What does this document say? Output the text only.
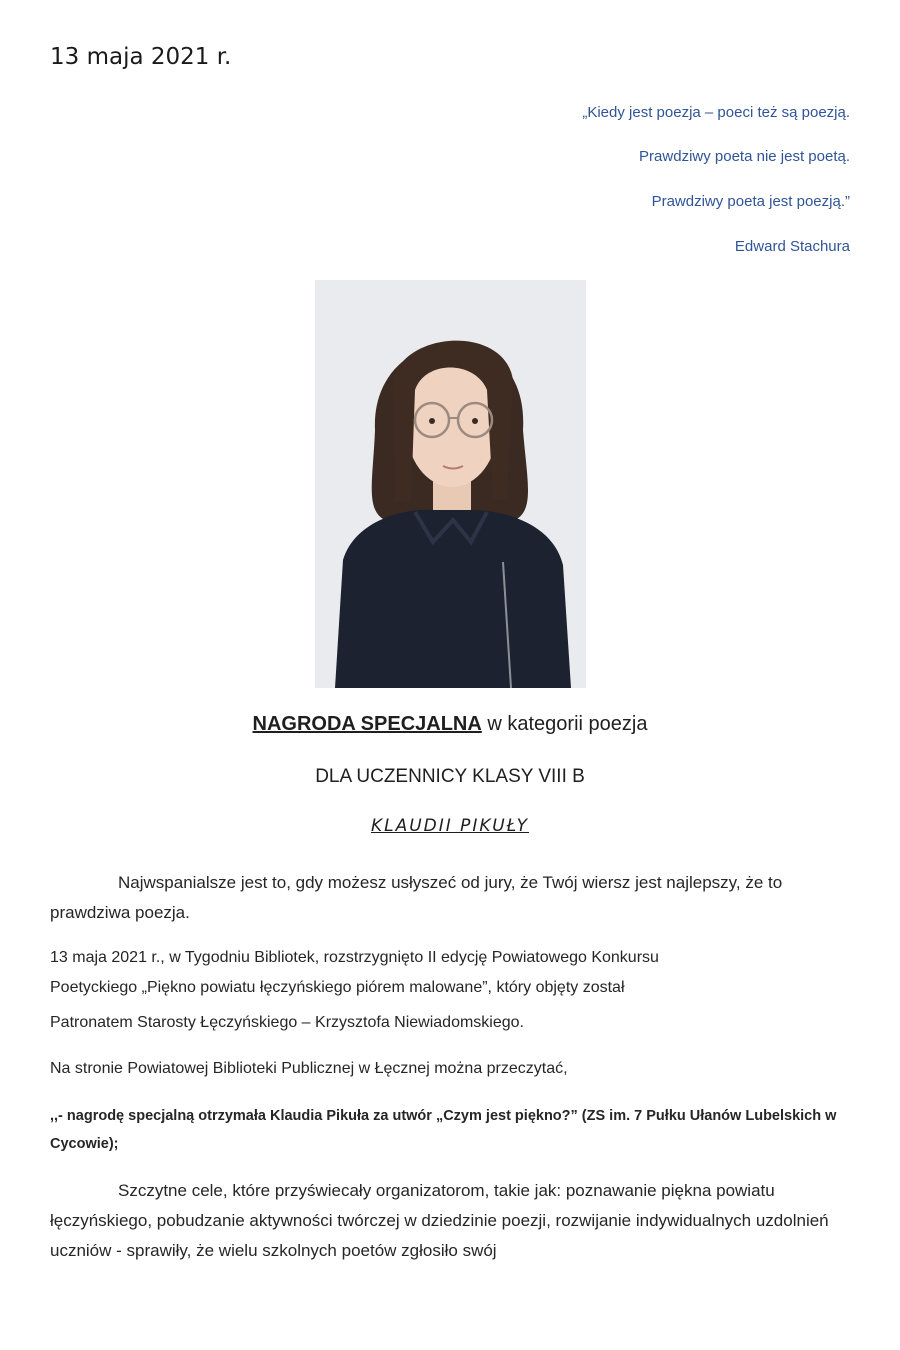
13 maja 2021 r.
„Kiedy jest poezja – poeci też są poezją.
Prawdziwy poeta nie jest poetą.
Prawdziwy poeta jest poezją.”
Edward Stachura
NAGRODA SPECJALNA w kategorii poezja
DLA UCZENNICY KLASY VIII B
KLAUDII PIKUŁY
Najwspanialsze jest to, gdy możesz usłyszeć od jury, że Twój wiersz jest najlepszy, że to prawdziwa poezja.
13 maja 2021 r., w Tygodniu Bibliotek, rozstrzygnięto II edycję Powiatowego Konkursu
Poetyckiego „Piękno powiatu łęczyńskiego piórem malowane”, który objęty został
Patronatem Starosty Łęczyńskiego – Krzysztofa Niewiadomskiego.
Na stronie Powiatowej Biblioteki Publicznej w Łęcznej można przeczytać,
,,- nagrodę specjalną otrzymała Klaudia Pikuła za utwór „Czym jest piękno?” (ZS im. 7 Pułku Ułanów Lubelskich w Cycowie);
Szczytne cele, które przyświecały organizatorom, takie jak: poznawanie piękna powiatu łęczyńskiego, pobudzanie aktywności twórczej w dziedzinie poezji, rozwijanie indywidualnych uzdolnień uczniów - sprawiły, że wielu szkolnych poetów zgłosiło swój
